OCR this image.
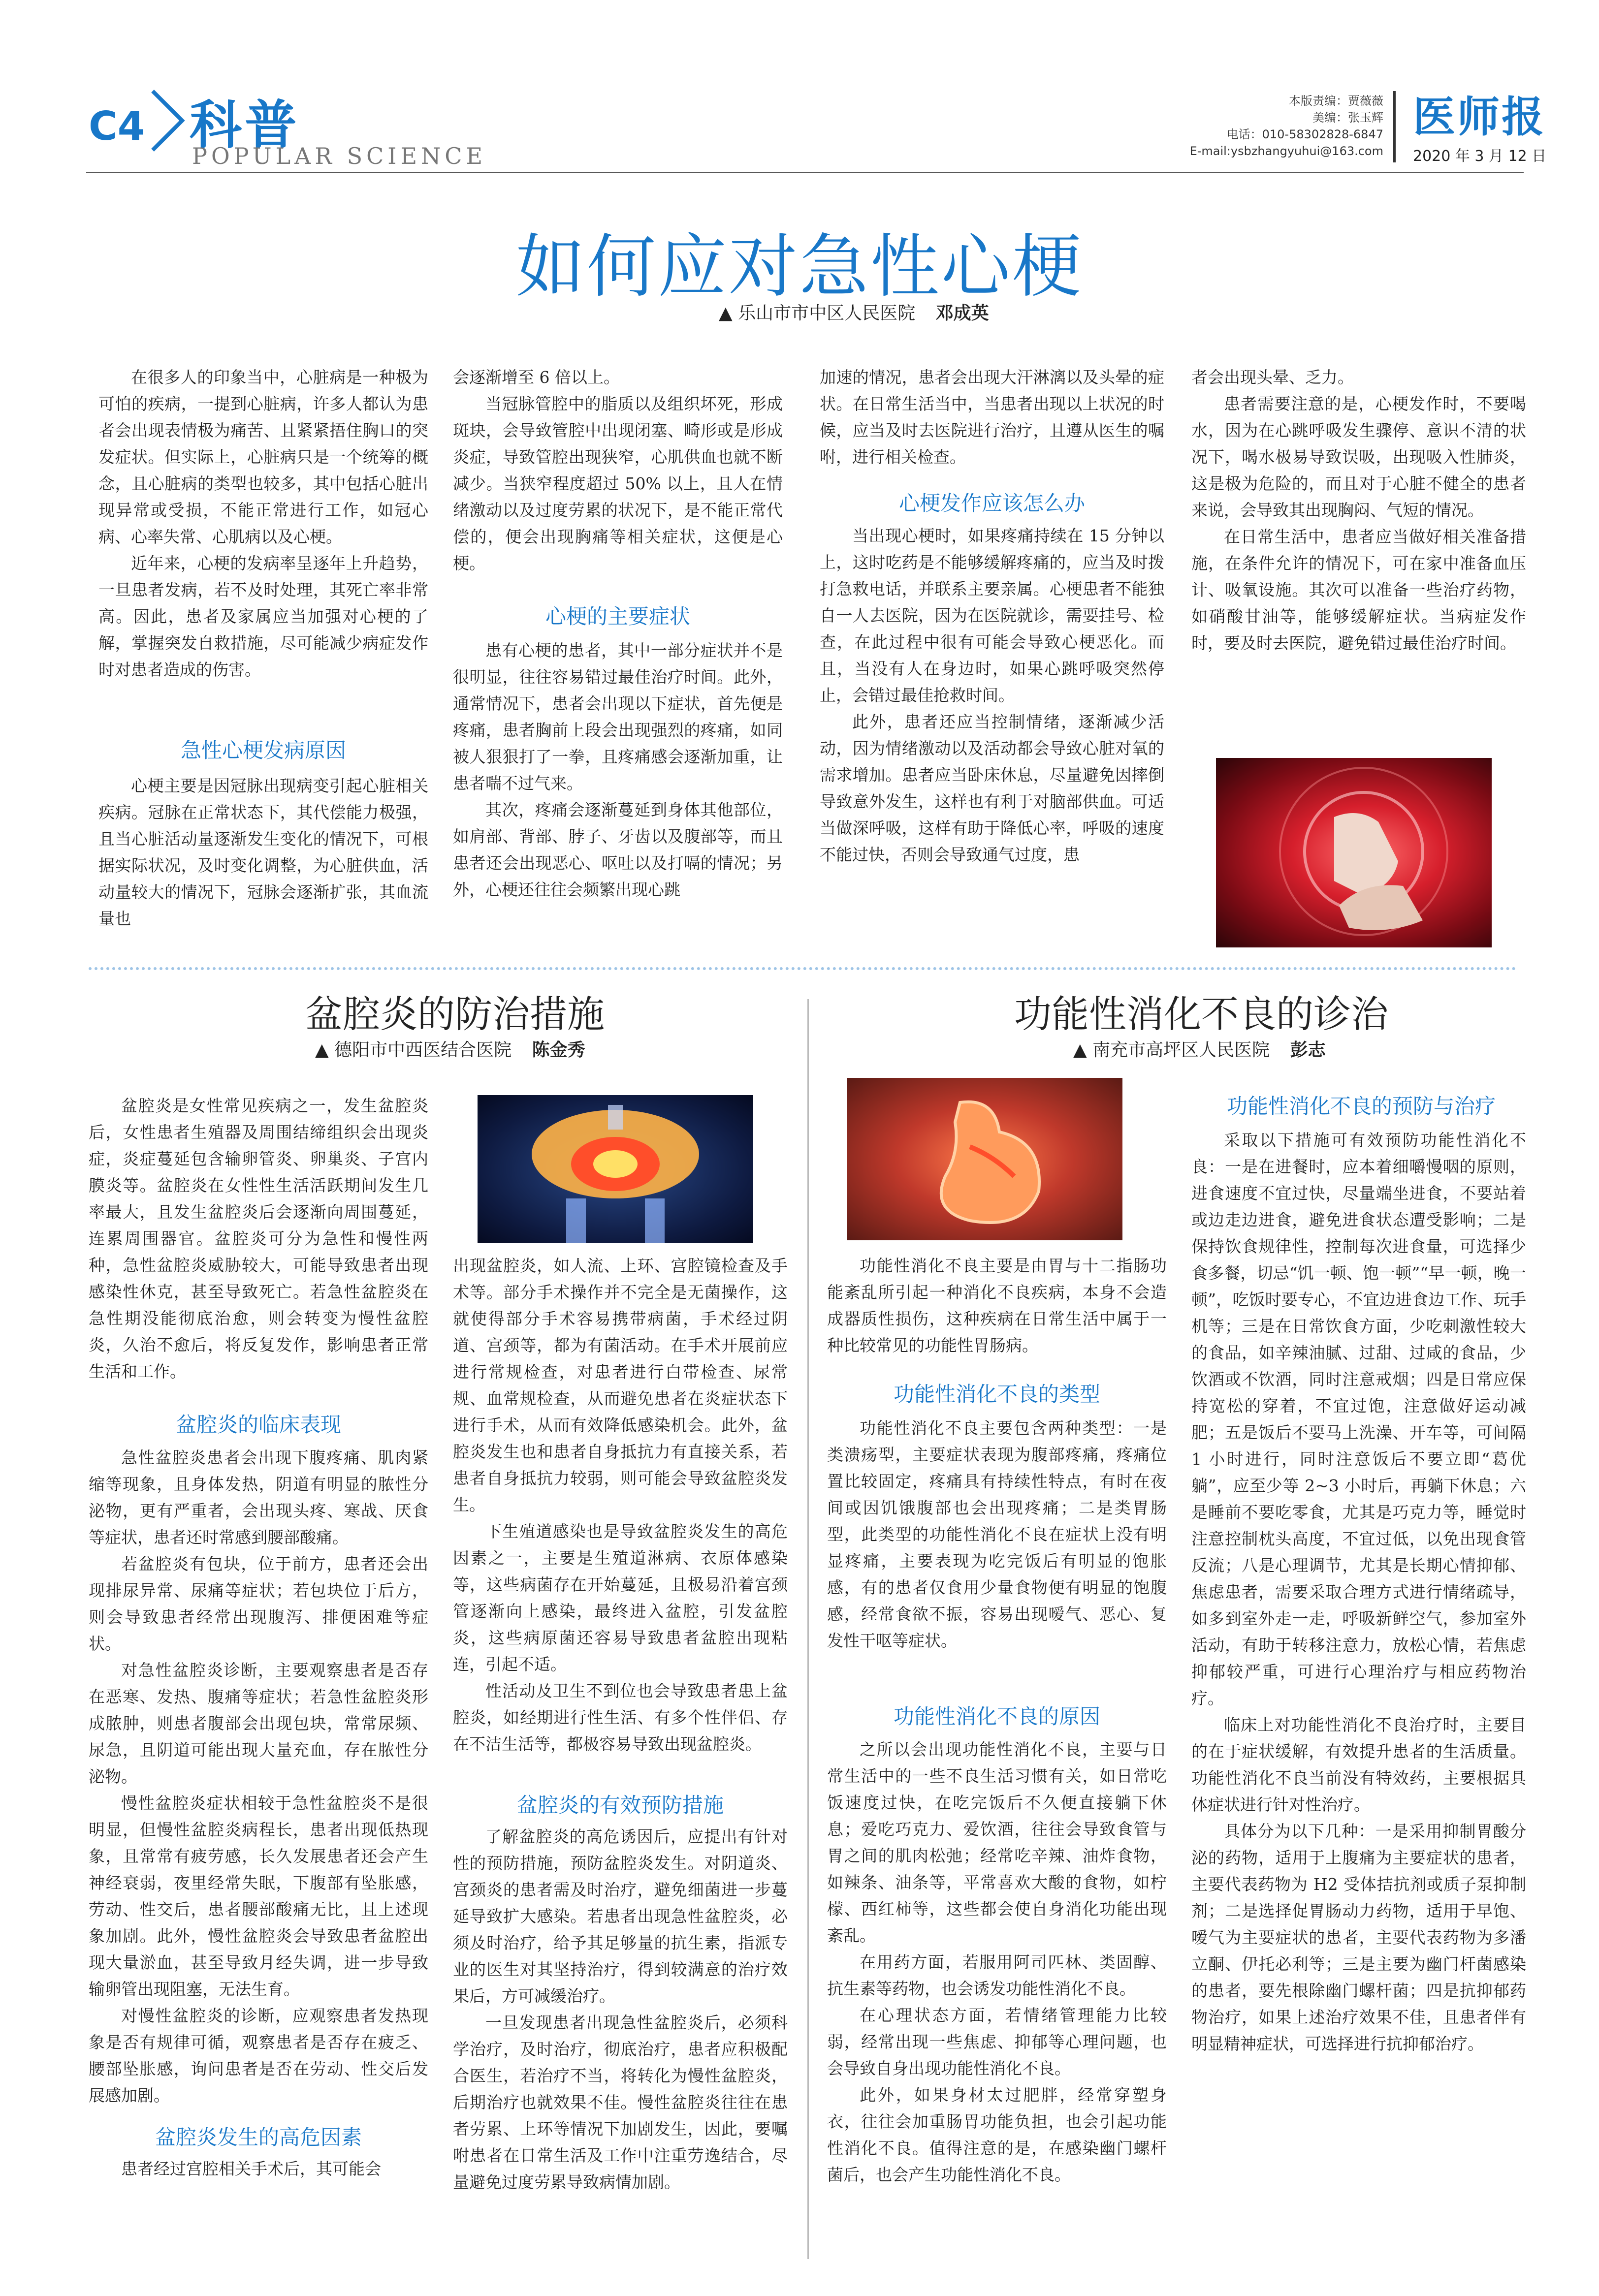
C4 科普
POPULAR SCIENCE
本版责编：贾薇薇
美编：张玉辉
电话：010-58302828-6847
E-mail:ysbzhangyuhui@163.com
医师报
2020 年 3 月 12 日
如何应对急性心梗
▲ 乐山市市中区人民医院 邓成英

在很多人的印象当中，心脏病是一种极为可怕的疾病，一提到心脏病，许多人都认为患者会出现表情极为痛苦、且紧紧捂住胸口的突发症状。但实际上，心脏病只是一个统筹的概念，且心脏病的类型也较多，其中包括心脏出现异常或受损，不能正常进行工作，如冠心病、心率失常、心肌病以及心梗。

近年来，心梗的发病率呈逐年上升趋势，一旦患者发病，若不及时处理，其死亡率非常高。因此，患者及家属应当加强对心梗的了解，掌握突发自救措施，尽可能减少病症发作时对患者造成的伤害。

急性心梗发病原因

心梗主要是因冠脉出现病变引起心脏相关疾病。冠脉在正常状态下，其代偿能力极强，且当心脏活动量逐渐发生变化的情况下，可根据实际状况，及时变化调整，为心脏供血，活动量较大的情况下，冠脉会逐渐扩张，其血流量也

会逐渐增至 6 倍以上。

当冠脉管腔中的脂质以及组织坏死，形成斑块，会导致管腔中出现闭塞、畸形或是形成炎症，导致管腔出现狭窄，心肌供血也就不断减少。当狭窄程度超过 50% 以上，且人在情绪激动以及过度劳累的状况下，是不能正常代偿的，便会出现胸痛等相关症状，这便是心梗。

心梗的主要症状

患有心梗的患者，其中一部分症状并不是很明显，往往容易错过最佳治疗时间。此外，通常情况下，患者会出现以下症状，首先便是疼痛，患者胸前上段会出现强烈的疼痛，如同被人狠狠打了一拳，且疼痛感会逐渐加重，让患者喘不过气来。

其次，疼痛会逐渐蔓延到身体其他部位，如肩部、背部、脖子、牙齿以及腹部等，而且患者还会出现恶心、呕吐以及打嗝的情况；另外，心梗还往往会频繁出现心跳

加速的情况，患者会出现大汗淋漓以及头晕的症状。在日常生活当中，当患者出现以上状况的时候，应当及时去医院进行治疗，且遵从医生的嘱咐，进行相关检查。

心梗发作应该怎么办

当出现心梗时，如果疼痛持续在 15 分钟以上，这时吃药是不能够缓解疼痛的，应当及时拨打急救电话，并联系主要亲属。心梗患者不能独自一人去医院，因为在医院就诊，需要挂号、检查，在此过程中很有可能会导致心梗恶化。而且，当没有人在身边时，如果心跳呼吸突然停止，会错过最佳抢救时间。

此外，患者还应当控制情绪，逐渐减少活动，因为情绪激动以及活动都会导致心脏对氧的需求增加。患者应当卧床休息，尽量避免因摔倒导致意外发生，这样也有利于对脑部供血。可适当做深呼吸，这样有助于降低心率，呼吸的速度不能过快，否则会导致通气过度，患

者会出现头晕、乏力。

患者需要注意的是，心梗发作时，不要喝水，因为在心跳呼吸发生骤停、意识不清的状况下，喝水极易导致误吸，出现吸入性肺炎，这是极为危险的，而且对于心脏不健全的患者来说，会导致其出现胸闷、气短的情况。

在日常生活中，患者应当做好相关准备措施，在条件允许的情况下，可在家中准备血压计、吸氧设施。其次可以准备一些治疗药物，如硝酸甘油等，能够缓解症状。当病症发作时，要及时去医院，避免错过最佳治疗时间。

盆腔炎的防治措施
▲ 德阳市中西医结合医院 陈金秀

盆腔炎是女性常见疾病之一，发生盆腔炎后，女性患者生殖器及周围结缔组织会出现炎症，炎症蔓延包含输卵管炎、卵巢炎、子宫内膜炎等。盆腔炎在女性性生活活跃期间发生几率最大，且发生盆腔炎后会逐渐向周围蔓延，连累周围器官。盆腔炎可分为急性和慢性两种，急性盆腔炎威胁较大，可能导致患者出现感染性休克，甚至导致死亡。若急性盆腔炎在急性期没能彻底治愈，则会转变为慢性盆腔炎，久治不愈后，将反复发作，影响患者正常生活和工作。

盆腔炎的临床表现

急性盆腔炎患者会出现下腹疼痛、肌肉紧缩等现象，且身体发热，阴道有明显的脓性分泌物，更有严重者，会出现头疼、寒战、厌食等症状，患者还时常感到腰部酸痛。

若盆腔炎有包块，位于前方，患者还会出现排尿异常、尿痛等症状；若包块位于后方，则会导致患者经常出现腹泻、排便困难等症状。

对急性盆腔炎诊断，主要观察患者是否存在恶寒、发热、腹痛等症状；若急性盆腔炎形成脓肿，则患者腹部会出现包块，常常尿频、尿急，且阴道可能出现大量充血，存在脓性分泌物。

慢性盆腔炎症状相较于急性盆腔炎不是很明显，但慢性盆腔炎病程长，患者出现低热现象，且常常有疲劳感，长久发展患者还会产生神经衰弱，夜里经常失眠，下腹部有坠胀感，劳动、性交后，患者腰部酸痛无比，且上述现象加剧。此外，慢性盆腔炎会导致患者盆腔出现大量淤血，甚至导致月经失调，进一步导致输卵管出现阻塞，无法生育。

对慢性盆腔炎的诊断，应观察患者发热现象是否有规律可循，观察患者是否存在疲乏、腰部坠胀感，询问患者是否在劳动、性交后发展感加剧。

盆腔炎发生的高危因素

患者经过宫腔相关手术后，其可能会

出现盆腔炎，如人流、上环、宫腔镜检查及手术等。部分手术操作并不完全是无菌操作，这就使得部分手术容易携带病菌，手术经过阴道、宫颈等，都为有菌活动。在手术开展前应进行常规检查，对患者进行白带检查、尿常规、血常规检查，从而避免患者在炎症状态下进行手术，从而有效降低感染机会。此外，盆腔炎发生也和患者自身抵抗力有直接关系，若患者自身抵抗力较弱，则可能会导致盆腔炎发生。

下生殖道感染也是导致盆腔炎发生的高危因素之一，主要是生殖道淋病、衣原体感染等，这些病菌存在开始蔓延，且极易沿着宫颈管逐渐向上感染，最终进入盆腔，引发盆腔炎，这些病原菌还容易导致患者盆腔出现粘连，引起不适。

性活动及卫生不到位也会导致患者患上盆腔炎，如经期进行性生活、有多个性伴侣、存在不洁生活等，都极容易导致出现盆腔炎。

盆腔炎的有效预防措施

了解盆腔炎的高危诱因后，应提出有针对性的预防措施，预防盆腔炎发生。对阴道炎、宫颈炎的患者需及时治疗，避免细菌进一步蔓延导致扩大感染。若患者出现急性盆腔炎，必须及时治疗，给予其足够量的抗生素，指派专业的医生对其坚持治疗，得到较满意的治疗效果后，方可减缓治疗。

一旦发现患者出现急性盆腔炎后，必须科学治疗，及时治疗，彻底治疗，患者应积极配合医生，若治疗不当，将转化为慢性盆腔炎，后期治疗也就效果不佳。慢性盆腔炎往往在患者劳累、上环等情况下加剧发生，因此，要嘱咐患者在日常生活及工作中注重劳逸结合，尽量避免过度劳累导致病情加剧。

功能性消化不良的诊治
▲ 南充市高坪区人民医院 彭志

功能性消化不良主要是由胃与十二指肠功能紊乱所引起一种消化不良疾病，本身不会造成器质性损伤，这种疾病在日常生活中属于一种比较常见的功能性胃肠病。

功能性消化不良的类型

功能性消化不良主要包含两种类型：一是类溃疡型，主要症状表现为腹部疼痛，疼痛位置比较固定，疼痛具有持续性特点，有时在夜间或因饥饿腹部也会出现疼痛；二是类胃肠型，此类型的功能性消化不良在症状上没有明显疼痛，主要表现为吃完饭后有明显的饱胀感，有的患者仅食用少量食物便有明显的饱腹感，经常食欲不振，容易出现嗳气、恶心、复发性干呕等症状。

功能性消化不良的原因

之所以会出现功能性消化不良，主要与日常生活中的一些不良生活习惯有关，如日常吃饭速度过快，在吃完饭后不久便直接躺下休息；爱吃巧克力、爱饮酒，往往会导致食管与胃之间的肌肉松弛；经常吃辛辣、油炸食物，如辣条、油条等，平常喜欢大酸的食物，如柠檬、西红柿等，这些都会使自身消化功能出现紊乱。

在用药方面，若服用阿司匹林、类固醇、抗生素等药物，也会诱发功能性消化不良。

在心理状态方面，若情绪管理能力比较弱，经常出现一些焦虑、抑郁等心理问题，也会导致自身出现功能性消化不良。

此外，如果身材太过肥胖，经常穿塑身衣，往往会加重肠胃功能负担，也会引起功能性消化不良。值得注意的是，在感染幽门螺杆菌后，也会产生功能性消化不良。

功能性消化不良的预防与治疗

采取以下措施可有效预防功能性消化不良：一是在进餐时，应本着细嚼慢咽的原则，进食速度不宜过快，尽量端坐进食，不要站着或边走边进食，避免进食状态遭受影响；二是保持饮食规律性，控制每次进食量，可选择少食多餐，切忌“饥一顿、饱一顿”“早一顿，晚一顿”，吃饭时要专心，不宜边进食边工作、玩手机等；三是在日常饮食方面，少吃刺激性较大的食品，如辛辣油腻、过甜、过咸的食品，少饮酒或不饮酒，同时注意戒烟；四是日常应保持宽松的穿着，不宜过饱，注意做好运动减肥；五是饭后不要马上洗澡、开车等，可间隔 1 小时进行，同时注意饭后不要立即“葛优躺”，应至少等 2~3 小时后，再躺下休息；六是睡前不要吃零食，尤其是巧克力等，睡觉时注意控制枕头高度，不宜过低，以免出现食管反流；八是心理调节，尤其是长期心情抑郁、焦虑患者，需要采取合理方式进行情绪疏导，如多到室外走一走，呼吸新鲜空气，参加室外活动，有助于转移注意力，放松心情，若焦虑抑郁较严重，可进行心理治疗与相应药物治疗。

临床上对功能性消化不良治疗时，主要目的在于症状缓解，有效提升患者的生活质量。功能性消化不良当前没有特效药，主要根据具体症状进行针对性治疗。

具体分为以下几种：一是采用抑制胃酸分泌的药物，适用于上腹痛为主要症状的患者，主要代表药物为 H2 受体拮抗剂或质子泵抑制剂；二是选择促胃肠动力药物，适用于早饱、嗳气为主要症状的患者，主要代表药物为多潘立酮、伊托必利等；三是主要为幽门杆菌感染的患者，要先根除幽门螺杆菌；四是抗抑郁药物治疗，如果上述治疗效果不佳，且患者伴有明显精神症状，可选择进行抗抑郁治疗。
